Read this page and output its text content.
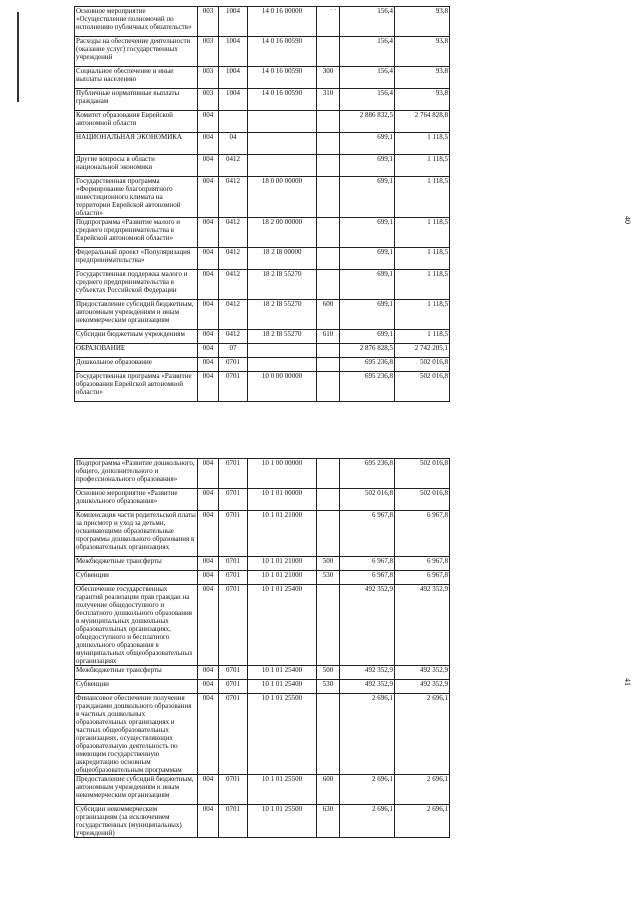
· · ·
40
Основное мероприятие «Осуществление полномочий по исполнению публичных обязательств»	003	1004	14 0 16 00000		156,4	93,8
Расходы на обеспечение деятельности (оказание услуг) государственных учреждений	003	1004	14 0 16 00590		156,4	93,8
Социальное обеспечение и иные выплаты населению	003	1004	14 0 16 00590	300	156,4	93,8
Публичные нормативные выплаты гражданам	003	1004	14 0 16 00590	310	156,4	93,8
Комитет образования Еврейской автономной области	004				2 886 832,5	2 764 828,8
НАЦИОНАЛЬНАЯ ЭКОНОМИКА	004	04			699,1	1 118,5
Другие вопросы в области национальной экономики	004	0412			699,1	1 118,5
Государственная программа «Формирование благоприятного инвестиционного климата на территории Еврейской автономной области»	004	0412	18 0 00 00000		699,1	1 118,5
Подпрограмма «Развитие малого и среднего предпринимательства в Еврейской автономной области»	004	0412	18 2 00 00000		699,1	1 118,5
Федеральный проект «Популяризация предпринимательства»	004	0412	18 2 I8 00000		699,1	1 118,5
Государственная поддержка малого и среднего предпринимательства в субъектах Российской Федерации	004	0412	18 2 I8 55270		699,1	1 118,5
Предоставление субсидий бюджетным, автономным учреждениям и иным некоммерческим организациям	004	0412	18 2 I8 55270	600	699,1	1 118,5
Субсидии бюджетным учреждениям	004	0412	18 2 I8 55270	610	699,1	1 118,5
ОБРАЗОВАНИЕ	004	07			2 876 828,5	2 742 205,1
Дошкольное образование	004	0701			695 236,8	502 016,8
Государственная программа «Развитие образования Еврейской автономной области»	004	0701	10 0 00 00000		695 236,8	502 016,8
41
Подпрограмма «Развитие дошкольного, общего, дополнительного и профессионального образования»	004	0701	10 1 00 00000		695 236,8	502 016,8
Основное мероприятие «Развитие дошкольного образования»	004	0701	10 1 01 00000		502 016,8	502 016,8
Компенсация части родительской платы за присмотр и уход за детьми, осваивающими образовательные программы дошкольного образования в образовательных организациях	004	0701	10 1 01 21000		6 967,8	6 967,8
Межбюджетные трансферты	004	0701	10 1 01 21000	500	6 967,8	6 967,8
Субвенции	004	0701	10 1 01 21000	530	6 967,8	6 967,8
Обеспечение государственных гарантий реализации прав граждан на получение общедоступного и бесплатного дошкольного образования в муниципальных дошкольных образовательных организациях, общедоступного и бесплатного дошкольного образования в муниципальных общеобразовательных организациях	004	0701	10 1 01 25400		492 352,9	492 352,9
Межбюджетные трансферты	004	0701	10 1 01 25400	500	492 352,9	492 352,9
Субвенции	004	0701	10 1 01 25400	530	492 352,9	492 352,9
Финансовое обеспечение получения гражданами дошкольного образования в частных дошкольных образовательных организациях и частных общеобразовательных организациях, осуществляющих образовательную деятельность по имеющим государственную аккредитацию основным общеобразовательным программам	004	0701	10 1 01 25500		2 696,1	2 696,1
Предоставление субсидий бюджетным, автономным учреждениям и иным некоммерческим организациям	004	0701	10 1 01 25500	600	2 696,1	2 696,1
Субсидии некоммерческим организациям (за исключением государственных (муниципальных) учреждений)	004	0701	10 1 01 25500	630	2 696,1	2 696,1
